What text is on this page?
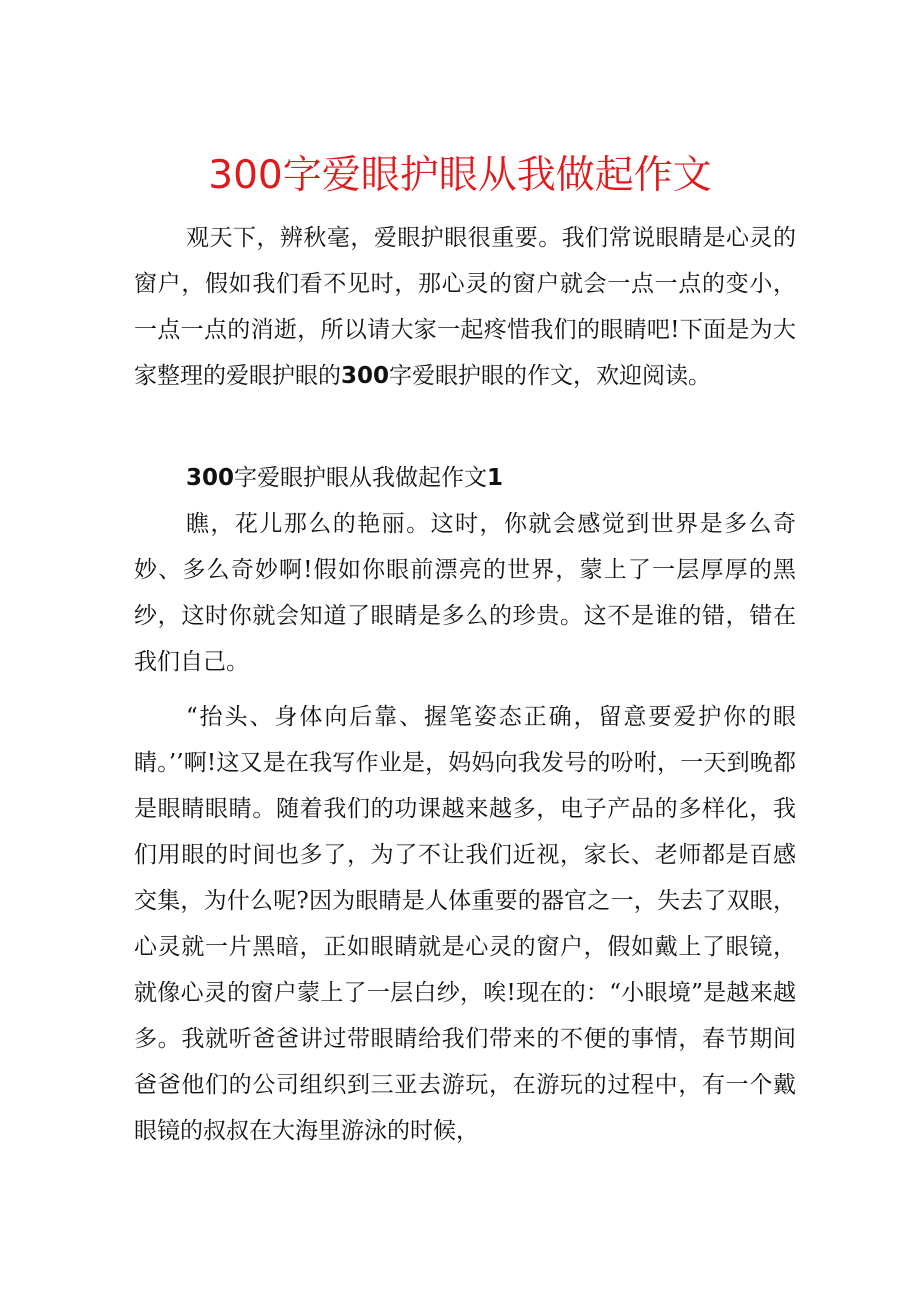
300字爱眼护眼从我做起作文

观天下，辨秋毫，爱眼护眼很重要。我们常说眼睛是心灵的窗户，假如我们看不见时，那心灵的窗户就会一点一点的变小，一点一点的消逝，所以请大家一起疼惜我们的眼睛吧!下面是为大家整理的爱眼护眼的300字爱眼护眼的作文，欢迎阅读。

300字爱眼护眼从我做起作文1

瞧，花儿那么的艳丽。这时，你就会感觉到世界是多么奇妙、多么奇妙啊!假如你眼前漂亮的世界，蒙上了一层厚厚的黑纱，这时你就会知道了眼睛是多么的珍贵。这不是谁的错，错在我们自己。

“抬头、身体向后靠、握笔姿态正确，留意要爱护你的眼睛。’’啊!这又是在我写作业是，妈妈向我发号的吩咐，一天到晚都是眼睛眼睛。随着我们的功课越来越多，电子产品的多样化，我们用眼的时间也多了，为了不让我们近视，家长、老师都是百感交集，为什么呢?因为眼睛是人体重要的器官之一，失去了双眼，心灵就一片黑暗，正如眼睛就是心灵的窗户，假如戴上了眼镜，就像心灵的窗户蒙上了一层白纱，唉!现在的：“小眼境”是越来越多。我就听爸爸讲过带眼睛给我们带来的不便的事情，春节期间爸爸他们的公司组织到三亚去游玩，在游玩的过程中，有一个戴眼镜的叔叔在大海里游泳的时候，
